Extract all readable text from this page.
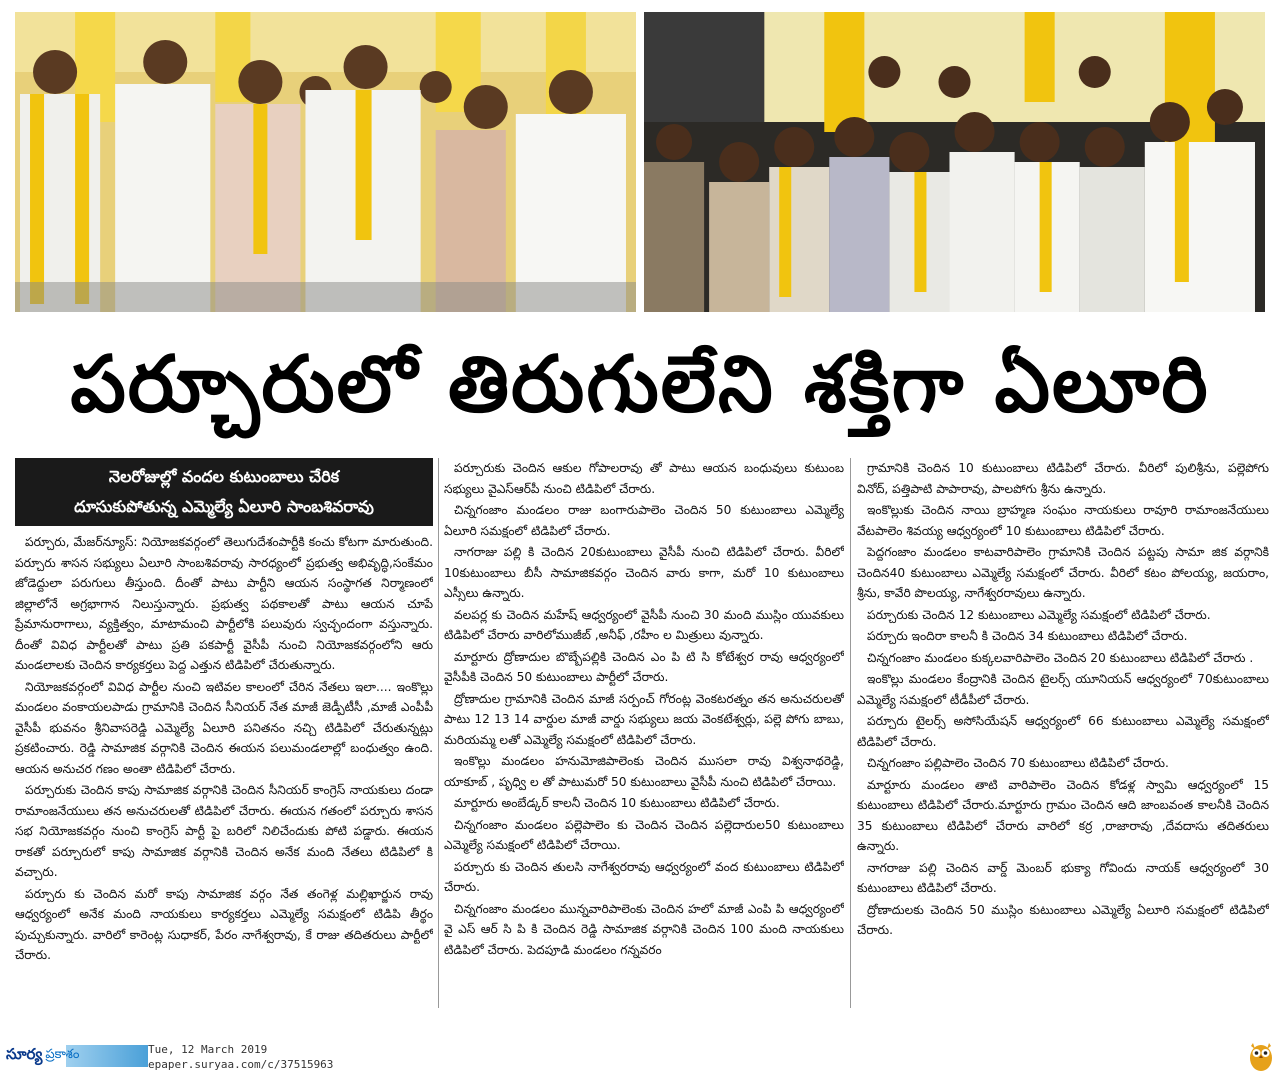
పర్చూరులో తిరుగులేని శక్తిగా ఏలూరి
నెలరోజుల్లో వందల కుటుంబాలు చేరిక
దూసుకుపోతున్న ఎమ్మెల్యే ఏలూరి సాంబశివరావు

పర్చూరు, మేజర్‌న్యూస్: నియోజకవర్గంలో తెలుగుదేశంపార్టీకి కంచు కోటగా మారుతుంది. పర్చూరు శాసన సభ్యులు ఏలూరి సాంబశివరావు సారధ్యంలో ప్రభుత్వ అభివృద్ధి,సంకేమం జోడెద్దులా పరుగులు తీస్తుంది. దీంతో పాటు పార్టీని ఆయన సంస్థాగత నిర్మాణంలో జిల్లాలోనే అగ్రభాగాన నిలుస్తున్నారు. ప్రభుత్వ పథకాలతో పాటు ఆయన చూపే ప్రేమానురాగాలు, వ్యక్తిత్వం, మాటామంచి పార్టీలోకి పలువురు స్వచ్ఛందంగా వస్తున్నారు. దీంతో వివిధ పార్టీలతో పాటు ప్రతి పకపార్టీ వైసీపీ నుంచి నియోజకవర్గంలోని ఆరు మండలాలకు చెందిన కార్యకర్తలు పెద్ద ఎత్తున టిడిపిలో చేరుతున్నారు.

నియోజకవర్గంలో వివిధ పార్టీల నుంచి ఇటివల కాలంలో చేరిన నేతలు ఇలా.... ఇంకొల్లు మండలం వంకాయలపాడు గ్రామానికి చెందిన సీనియర్ నేత మాజీ జెడ్పీటీసీ ,మాజీ ఎంపీపీ వైసీపీ భువనం శ్రీనివాసరెడ్డి ఎమ్మెల్యే ఏలూరి పనితనం నచ్చి టిడిపిలో చేరుతున్నట్లు ప్రకటించారు. రెడ్డి సామాజిక వర్గానికి చెందిన ఈయన పలుమండలాల్లో బంధుత్వం ఉంది. ఆయన అనుచర గణం అంతా టిడిపిలో చేరారు.

పర్చూరుకు చెందిన కాపు సామాజిక వర్గానికి చెందిన సీనియర్ కాంగ్రెస్ నాయకులు దండా రామాంజనేయులు తన అనుచరులతో టిడిపిలో చేరారు. ఈయన గతంలో పర్చూరు శాసన సభ నియోజకవర్గం నుంచి కాంగ్రెస్ పార్టీ పై బరిలో నిలిచేందుకు పోటి పడ్డారు. ఈయన రాకతో పర్చూరులో కాపు సామాజిక వర్గానికి చెందిన అనేక మంది నేతలు టిడిపిలో కి వచ్చారు.

పర్చూరు కు చెందిన మరో కాపు సామాజిక వర్గం నేత తంగెళ్ల మల్లిఖార్జున రావు ఆధ్వర్యంలో అనేక మంది నాయకులు కార్యకర్తలు ఎమ్మెల్యే సమక్షంలో టిడిపి తీర్థం పుచ్చుకున్నారు. వారిలో కారెంట్ల సుధాకర్, పేరం నాగేశ్వరావు, కే రాజు తదితరులు పార్టీలో చేరారు.

పర్చూరుకు చెందిన ఆకుల గోపాలరావు తో పాటు ఆయన బంధువులు కుటుంబ సభ్యులు వైఎస్‌ఆర్‌పీ నుంచి టిడిపిలో చేరారు.

చిన్నగంజాం మండలం రాజు బంగారుపాలెం చెందిన 50 కుటుంబాలు ఎమ్మెల్యే ఏలూరి సమక్షంలో టిడిపిలో చేరారు.

నాగరాజు పల్లి కి చెందిన 20కుటుంబాలు వైసీపీ నుంచి టిడిపిలో చేరారు. వీరిలో 10కుటుంబాలు బీసీ సామాజికవర్గం చెందిన వారు కాగా, మరో 10 కుటుంబాలు ఎస్సీలు ఉన్నారు.

వలపర్ల కు చెందిన మహేష్ ఆధ్వర్యంలో వైసీపీ నుంచి 30 మంది ముస్లిం యువకులు టిడిపిలో చేరారు వారిలోముజీబ్ ,అనీఫ్ ,రహీం ల మిత్రులు వున్నారు.

మార్టూరు ద్రోణాదుల బొబ్బేపల్లికి చెందిన ఎం పి టి సి కోటేశ్వర రావు ఆధ్వర్యంలో వైసీపీకి చెందిన 50 కుటుంబాలు పార్టీలో చేరారు.

ద్రోణాదుల గ్రామానికి చెందిన మాజీ సర్పంచ్ గోరంట్ల వెంకటరత్నం తన అనుచరులతో పాటు 12 13 14 వార్డుల మాజీ వార్డు సభ్యులు జయ వెంకటేశ్వర్లు, పల్లె పోగు బాబు, మరియమ్మ లతో ఎమ్మెల్యే సమక్షంలో టిడిపిలో చేరారు.

ఇంకొల్లు మండలం హనుమోజిపాలెంకు చెందిన ముసలా రావు విశ్వనాథరెడ్డి, యాకూబ్ , పృధ్వి ల తో పాటుమరో 50 కుటుంబాలు వైసీపీ నుంచి టిడిపిలో చేరాయి.

మార్టూరు అంబేడ్కర్ కాలనీ చెందిన 10 కుటుంబాలు టిడిపిలో చేరారు.

చిన్నగంజాం మండలం పల్లెపాలెం కు చెందిన చెందిన పల్లెదారుల50 కుటుంబాలు ఎమ్మెల్యే సమక్షంలో టిడిపిలో చేరాయి.

పర్చూరు కు చెందిన తులసి నాగేశ్వరరావు ఆధ్వర్యంలో వంద కుటుంబాలు టిడిపిలో చేరారు.

చిన్నగంజాం మండలం మున్నవారిపాలెంకు చెందిన హలో మాజీ ఎంపి పి ఆధ్వర్యంలో వై ఎస్ ఆర్ సి పి కి చెందిన రెడ్డి సామాజిక వర్గానికి చెందిన 100 మంది నాయకులు టిడిపిలో చేరారు. పెదపూడి మండలం గన్నవరం

గ్రామానికి చెందిన 10 కుటుంబాలు టిడిపిలో చేరారు. వీరిలో పులిశ్రీను, పల్లెపోగు వినోద్, పత్తిపాటి పాపారావు, పాలపోగు శ్రీను ఉన్నారు.

ఇంకొల్లుకు చెందిన నాయి బ్రాహ్మణ సంఘం నాయకులు రావూరి రామాంజనేయులు వేటపాలెం శివయ్య ఆధ్వర్యంలో 10 కుటుంబాలు టిడిపిలో చేరారు.

పెద్దగంజాం మండలం కాటవారిపాలెం గ్రామానికి చెందిన పట్టపు సామా జిక వర్గానికి చెందిన40 కుటుంబాలు ఎమ్మెల్యే సమక్షంలో చేరారు. వీరిలో కటం పోలయ్య, జయరాం, శ్రీను, కావేరి పొలయ్య, నాగేశ్వరరావులు ఉన్నారు.

పర్చూరుకు చెందిన 12 కుటుంబాలు ఎమ్మెల్యే సమక్షంలో టిడిపిలో చేరారు.

పర్చూరు ఇందిరా కాలనీ కి చెందిన 34 కుటుంబాలు టిడిపిలో చేరారు.

చిన్నగంజాం మండలం కుక్కలవారిపాలెం చెందిన 20 కుటుంబాలు టిడిపిలో చేరారు .

ఇంకొల్లు మండలం కేంద్రానికి చెందిన టైలర్స్ యూనియన్ ఆధ్వర్యంలో 70కుటుంబాలు ఎమ్మెల్యే సమక్షంలో టీడీపీలో చేరారు.

పర్చూరు టైలర్స్ అసోసియేషన్ ఆధ్వర్యంలో 66 కుటుంబాలు ఎమ్మెల్యే సమక్షంలో టిడిపిలో చేరారు.

చిన్నగంజాం పల్లిపాలెం చెందిన 70 కుటుంబాలు టిడిపిలో చేరారు.

మార్టూరు మండలం తాటి వారిపాలెం చెందిన కోడళ్ల స్వామి ఆధ్వర్యంలో 15 కుటుంబాలు టిడిపిలో చేరారు.మార్టూరు గ్రామం చెందిన ఆది జాంబవంత కాలనీకి చెందిన 35 కుటుంబాలు టిడిపిలో చేరారు వారిలో కర్ర ,రాజారావు ,దేవదాసు తదితరులు ఉన్నారు.

నాగరాజు పల్లి చెందిన వార్డ్ మెంబర్ భుక్యా గోవిందు నాయక్ ఆధ్వర్యంలో 30 కుటుంబాలు టిడిపిలో చేరారు.

ద్రోణాదులకు చెందిన 50 ముస్లిం కుటుంబాలు ఎమ్మెల్యే ఏలూరి సమక్షంలో టిడిపిలో చేరారు.

సూర్య ప్రకాశం	Tue, 12 March 2019
epaper.suryaa.com/c/37515963
